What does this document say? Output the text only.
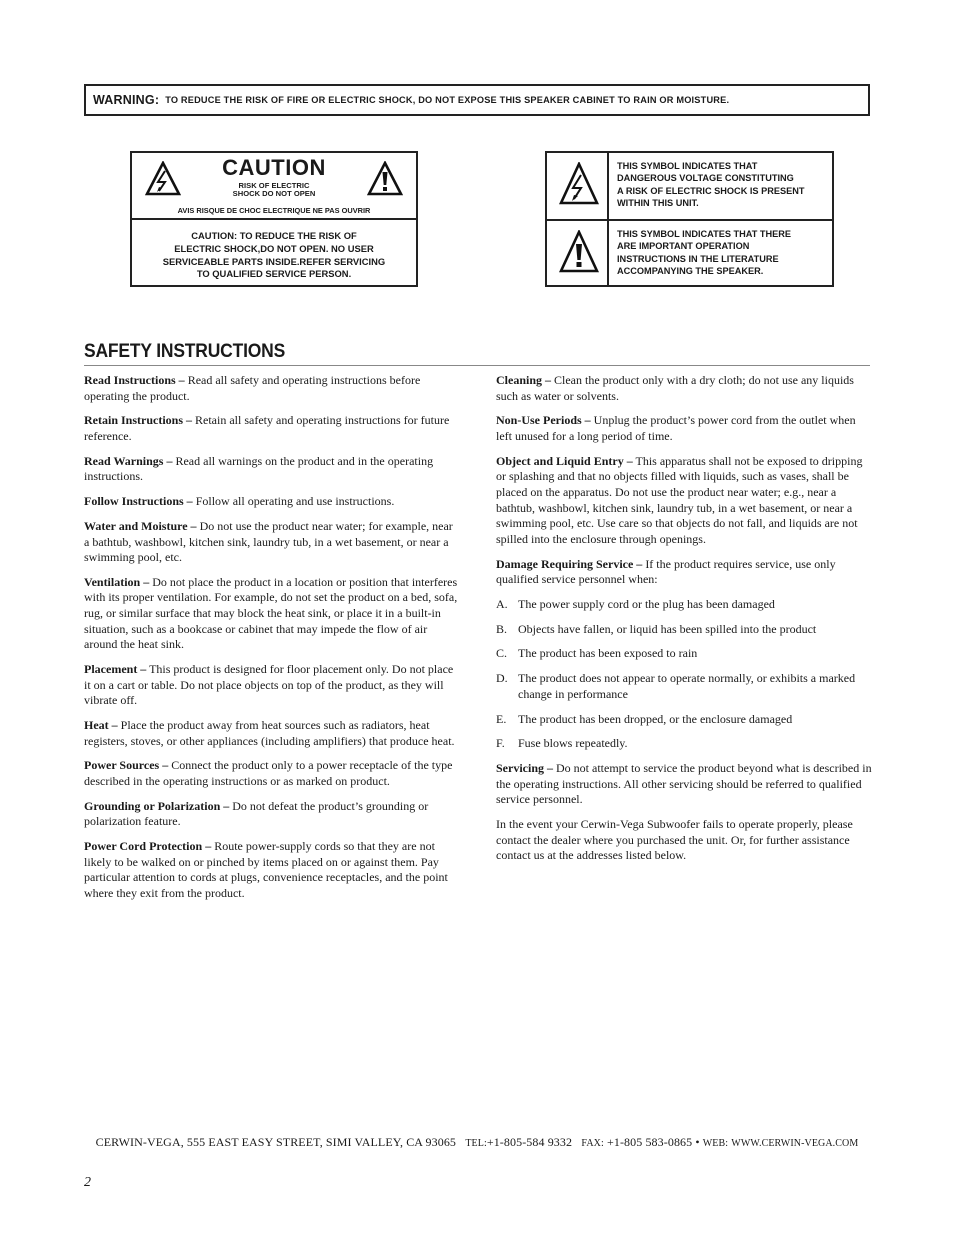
WARNING: TO REDUCE THE RISK OF FIRE OR ELECTRIC SHOCK, DO NOT EXPOSE THIS SPEAKER CABINET TO RAIN OR MOISTURE.
CAUTION
RISK OF ELECTRIC
SHOCK DO NOT OPEN
AVIS RISQUE DE CHOC ELECTRIQUE NE PAS OUVRIR
CAUTION: TO REDUCE THE RISK OF
ELECTRIC SHOCK,DO NOT OPEN. NO USER
SERVICEABLE PARTS INSIDE.REFER SERVICING
TO QUALIFIED SERVICE PERSON.
THIS SYMBOL INDICATES THAT
DANGEROUS VOLTAGE CONSTITUTING
A RISK OF ELECTRIC SHOCK IS PRESENT
WITHIN THIS UNIT.
THIS SYMBOL INDICATES THAT THERE
ARE IMPORTANT OPERATION
INSTRUCTIONS IN THE LITERATURE
ACCOMPANYING THE SPEAKER.
SAFETY INSTRUCTIONS

Read Instructions – Read all safety and operating instructions before operating the product.

Retain Instructions – Retain all safety and operating instructions for future reference.

Read Warnings – Read all warnings on the product and in the operating instructions.

Follow Instructions – Follow all operating and use instructions.

Water and Moisture – Do not use the product near water; for example, near a bathtub, washbowl, kitchen sink, laundry tub, in a wet basement, or near a swimming pool, etc.

Ventilation – Do not place the product in a location or position that interferes with its proper ventilation. For example, do not set the product on a bed, sofa, rug, or similar surface that may block the heat sink, or place it in a built-in situation, such as a bookcase or cabinet that may impede the flow of air around the heat sink.

Placement – This product is designed for floor placement only. Do not place it on a cart or table. Do not place objects on top of the product, as they will vibrate off.

Heat – Place the product away from heat sources such as radiators, heat registers, stoves, or other appliances (including amplifiers) that produce heat.

Power Sources – Connect the product only to a power receptacle of the type described in the operating instructions or as marked on product.

Grounding or Polarization – Do not defeat the product’s grounding or polarization feature.

Power Cord Protection – Route power-supply cords so that they are not likely to be walked on or pinched by items placed on or against them. Pay particular attention to cords at plugs, convenience receptacles, and the point where they exit from the product.

Cleaning – Clean the product only with a dry cloth; do not use any liquids such as water or solvents.

Non-Use Periods – Unplug the product’s power cord from the outlet when left unused for a long period of time.

Object and Liquid Entry – This apparatus shall not be exposed to dripping or splashing and that no objects filled with liquids, such as vases, shall be placed on the apparatus. Do not use the product near water; e.g., near a bathtub, washbowl, kitchen sink, laundry tub, in a wet basement, or near a swimming pool, etc. Use care so that objects do not fall, and liquids are not spilled into the enclosure through openings.

Damage Requiring Service – If the product requires service, use only qualified service personnel when:

A. The power supply cord or the plug has been damaged
B. Objects have fallen, or liquid has been spilled into the product
C. The product has been exposed to rain
D. The product does not appear to operate normally, or exhibits a marked change in performance
E. The product has been dropped, or the enclosure damaged
F.	Fuse blows repeatedly.

Servicing – Do not attempt to service the product beyond what is described in the operating instructions. All other servicing should be referred to qualified service personnel.

In the event your Cerwin-Vega Subwoofer fails to operate properly, please contact the dealer where you purchased the unit. Or, for further assistance contact us at the addresses listed below.

CERWIN-VEGA, 555 EAST EASY STREET, SIMI VALLEY, CA 93065 TEL:+1-805-584 9332 FAX: +1-805 583-0865 • WEB: WWW.CERWIN-VEGA.COM
2
